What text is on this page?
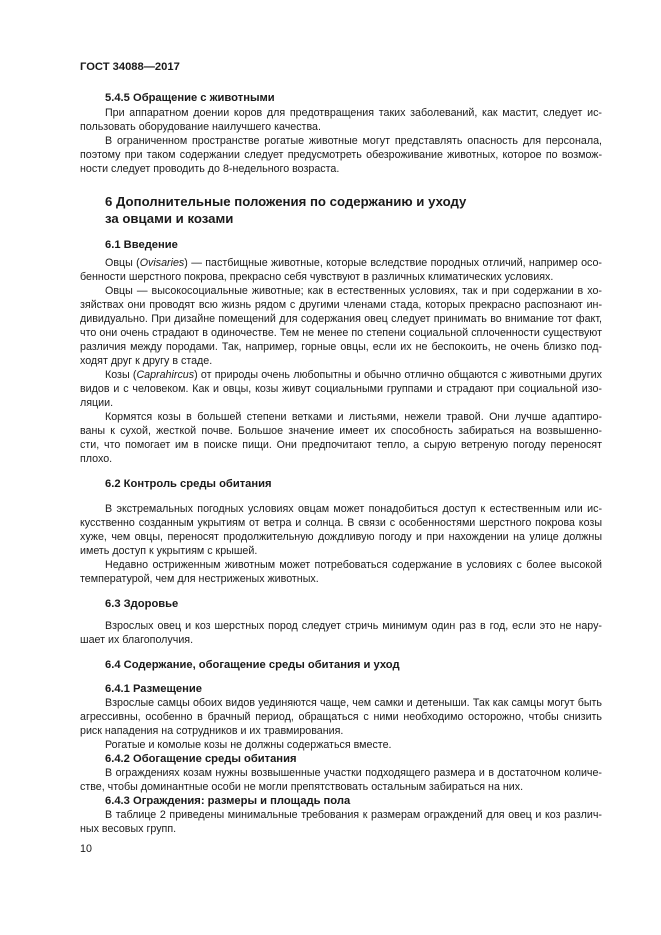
ГОСТ 34088—2017
5.4.5 Обращение с животными
При аппаратном доении коров для предотвращения таких заболеваний, как мастит, следует ис-
пользовать оборудование наилучшего качества.
В ограниченном пространстве рогатые животные могут представлять опасность для персонала,
поэтому при таком содержании следует предусмотреть обезроживание животных, которое по возмож-
ности следует проводить до 8-недельного возраста.
6 Дополнительные положения по содержанию и уходу
за овцами и козами
6.1 Введение
Овцы (Ovisaries) — пастбищные животные, которые вследствие породных отличий, например осо-
бенности шерстного покрова, прекрасно себя чувствуют в различных климатических условиях.
Овцы — высокосоциальные животные; как в естественных условиях, так и при содержании в хо-
зяйствах они проводят всю жизнь рядом с другими членами стада, которых прекрасно распознают ин-
дивидуально. При дизайне помещений для содержания овец следует принимать во внимание тот факт,
что они очень страдают в одиночестве. Тем не менее по степени социальной сплоченности существуют
различия между породами. Так, например, горные овцы, если их не беспокоить, не очень близко под-
ходят друг к другу в стаде.
Козы (Caprahircus) от природы очень любопытны и обычно отлично общаются с животными других
видов и с человеком. Как и овцы, козы живут социальными группами и страдают при социальной изо-
ляции.
Кормятся козы в большей степени ветками и листьями, нежели травой. Они лучше адаптиро-
ваны к сухой, жесткой почве. Большое значение имеет их способность забираться на возвышенно-
сти, что помогает им в поиске пищи. Они предпочитают тепло, а сырую ветреную погоду переносят
плохо.
6.2 Контроль среды обитания
В экстремальных погодных условиях овцам может понадобиться доступ к естественным или ис-
кусственно созданным укрытиям от ветра и солнца. В связи с особенностями шерстного покрова козы
хуже, чем овцы, переносят продолжительную дождливую погоду и при нахождении на улице должны
иметь доступ к укрытиям с крышей.
Недавно остриженным животным может потребоваться содержание в условиях с более высокой
температурой, чем для нестриженых животных.
6.3 Здоровье
Взрослых овец и коз шерстных пород следует стричь минимум один раз в год, если это не нару-
шает их благополучия.
6.4 Содержание, обогащение среды обитания и уход
6.4.1 Размещение
Взрослые самцы обоих видов уединяются чаще, чем самки и детеныши. Так как самцы могут быть
агрессивны, особенно в брачный период, обращаться с ними необходимо осторожно, чтобы снизить
риск нападения на сотрудников и их травмирования.
Рогатые и комолые козы не должны содержаться вместе.
6.4.2 Обогащение среды обитания
В ограждениях козам нужны возвышенные участки подходящего размера и в достаточном количе-
стве, чтобы доминантные особи не могли препятствовать остальным забираться на них.
6.4.3 Ограждения: размеры и площадь пола
В таблице 2 приведены минимальные требования к размерам ограждений для овец и коз различ-
ных весовых групп.
10
